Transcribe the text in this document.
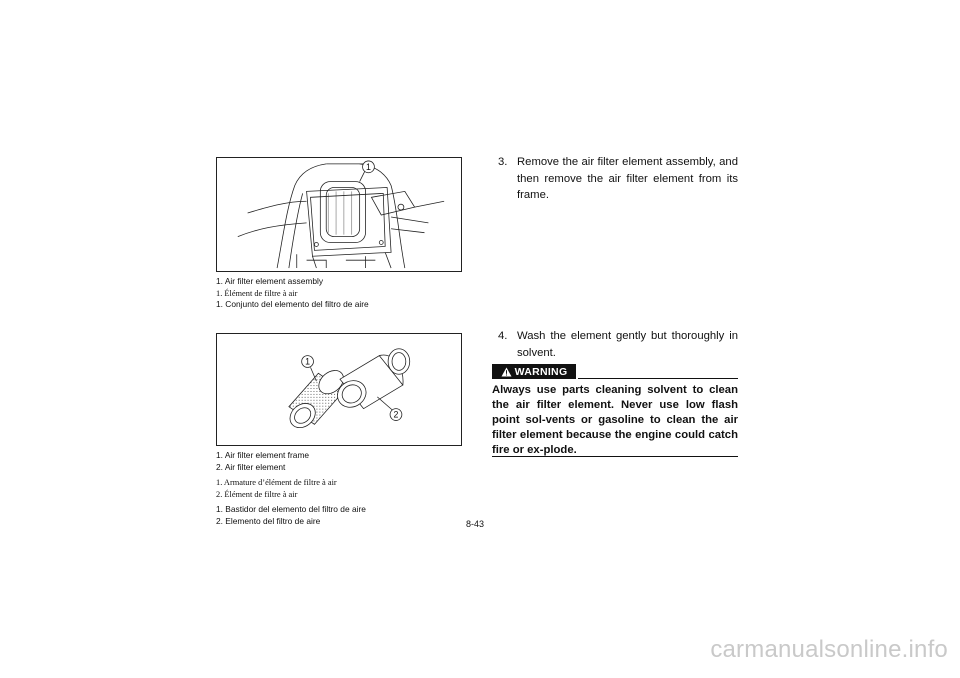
1
1. Air filter element assembly
1. Élément de filtre à air
1. Conjunto del elemento del filtro de aire
1
2
1. Air filter element frame
2. Air filter element
1. Armature d’élément de filtre à air
2. Élément de filtre à air
1. Bastidor del elemento del filtro de aire
2. Elemento del filtro de aire
3. Remove the air filter element assembly, and then remove the air filter element from its frame.
4. Wash the element gently but thoroughly in solvent.
WARNING
Always use parts cleaning solvent to clean the air filter element. Never use low flash point sol-vents or gasoline to clean the air filter element because the engine could catch fire or ex-plode.
8-43
carmanualsonline.info
